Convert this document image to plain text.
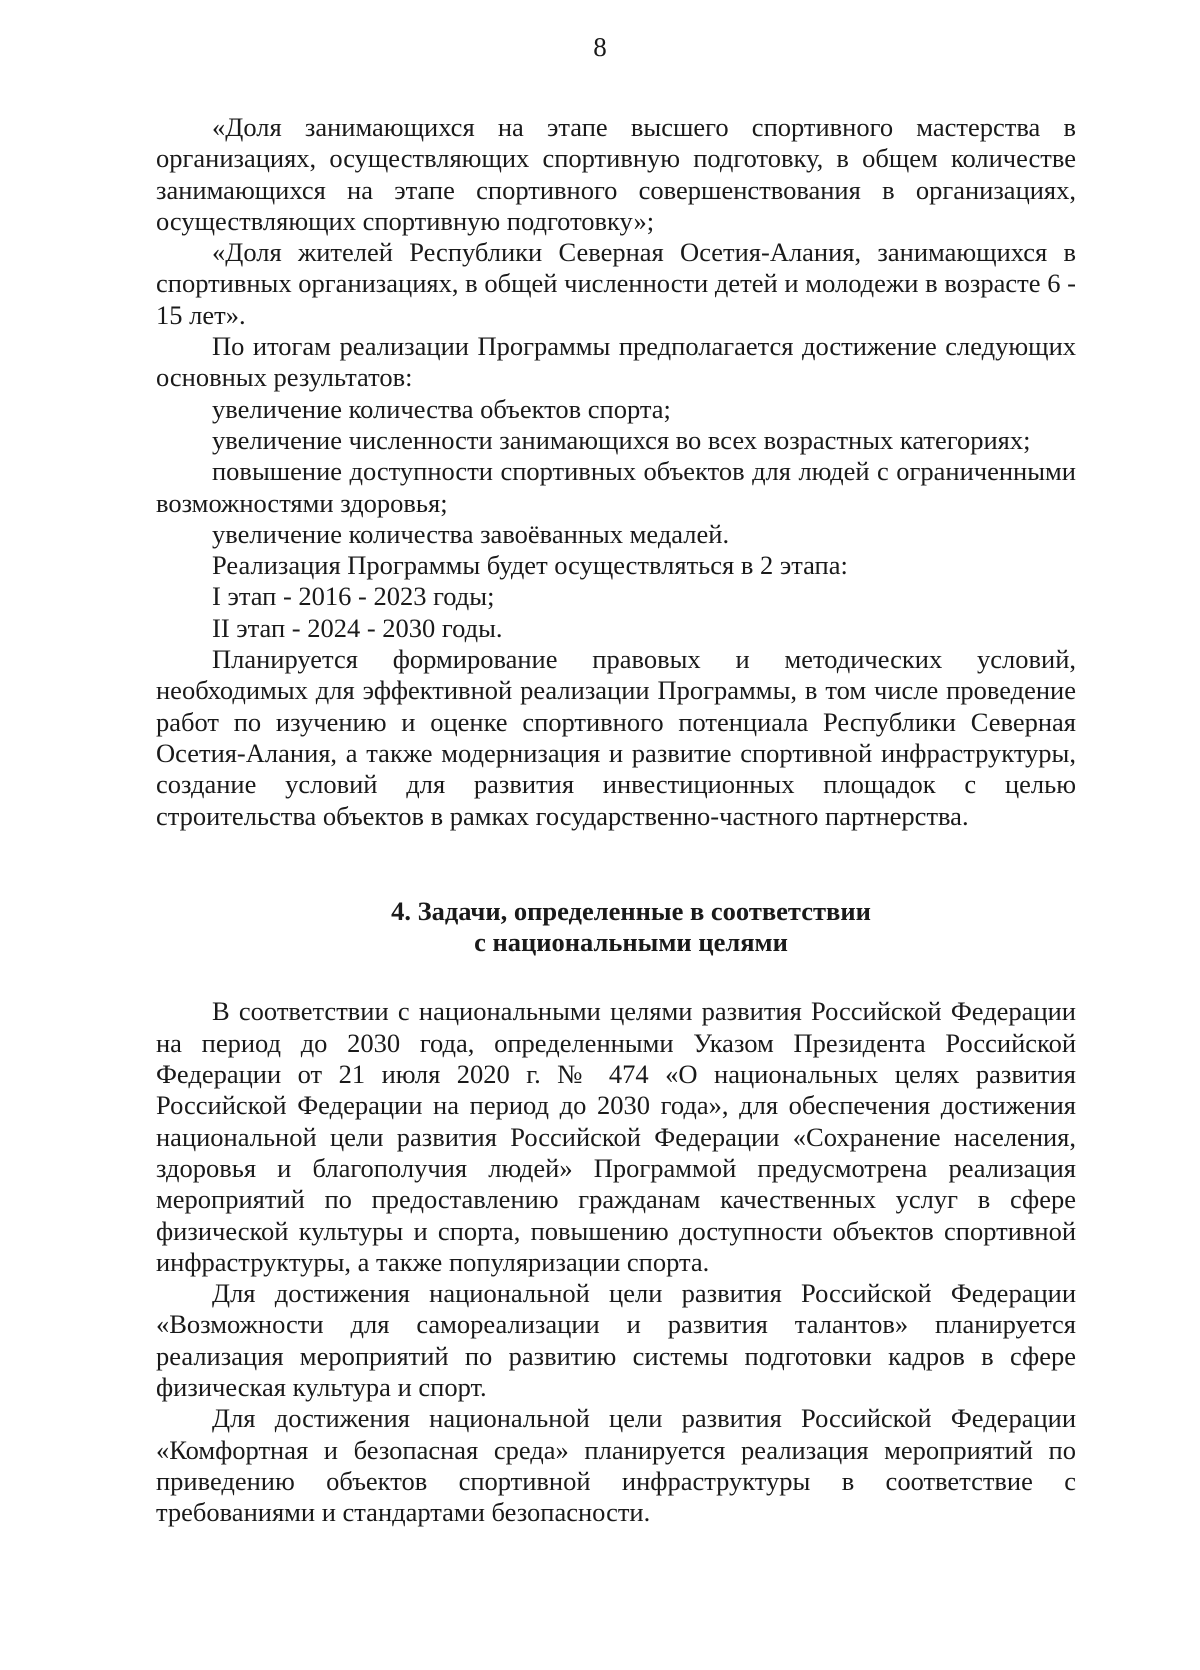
8

«Доля занимающихся на этапе высшего спортивного мастерства в организациях, осуществляющих спортивную подготовку, в общем количестве занимающихся на этапе спортивного совершенствования в организациях, осуществляющих спортивную подготовку»;

«Доля жителей Республики Северная Осетия-Алания, занимающихся в спортивных организациях, в общей численности детей и молодежи в возрасте 6 - 15 лет».

По итогам реализации Программы предполагается достижение следующих основных результатов:

увеличение количества объектов спорта;

увеличение численности занимающихся во всех возрастных категориях;

повышение доступности спортивных объектов для людей с ограниченными возможностями здоровья;

увеличение количества завоёванных медалей.

Реализация Программы будет осуществляться в 2 этапа:

I этап - 2016 - 2023 годы;

II этап - 2024 - 2030 годы.

Планируется формирование правовых и методических условий, необходимых для эффективной реализации Программы, в том числе проведение работ по изучению и оценке спортивного потенциала Республики Северная Осетия-Алания, а также модернизация и развитие спортивной инфраструктуры, создание условий для развития инвестиционных площадок с целью строительства объектов в рамках государственно-частного партнерства.

4. Задачи, определенные в соответствии

с национальными целями

В соответствии с национальными целями развития Российской Федерации на период до 2030 года, определенными Указом Президента Российской Федерации от 21 июля 2020 г. № 474 «О национальных целях развития Российской Федерации на период до 2030 года», для обеспечения достижения национальной цели развития Российской Федерации «Сохранение населения, здоровья и благополучия людей» Программой предусмотрена реализация мероприятий по предоставлению гражданам качественных услуг в сфере физической культуры и спорта, повышению доступности объектов спортивной инфраструктуры, а также популяризации спорта.

Для достижения национальной цели развития Российской Федерации «Возможности для самореализации и развития талантов» планируется реализация мероприятий по развитию системы подготовки кадров в сфере физическая культура и спорт.

Для достижения национальной цели развития Российской Федерации «Комфортная и безопасная среда» планируется реализация мероприятий по приведению объектов спортивной инфраструктуры в соответствие с требованиями и стандартами безопасности.
